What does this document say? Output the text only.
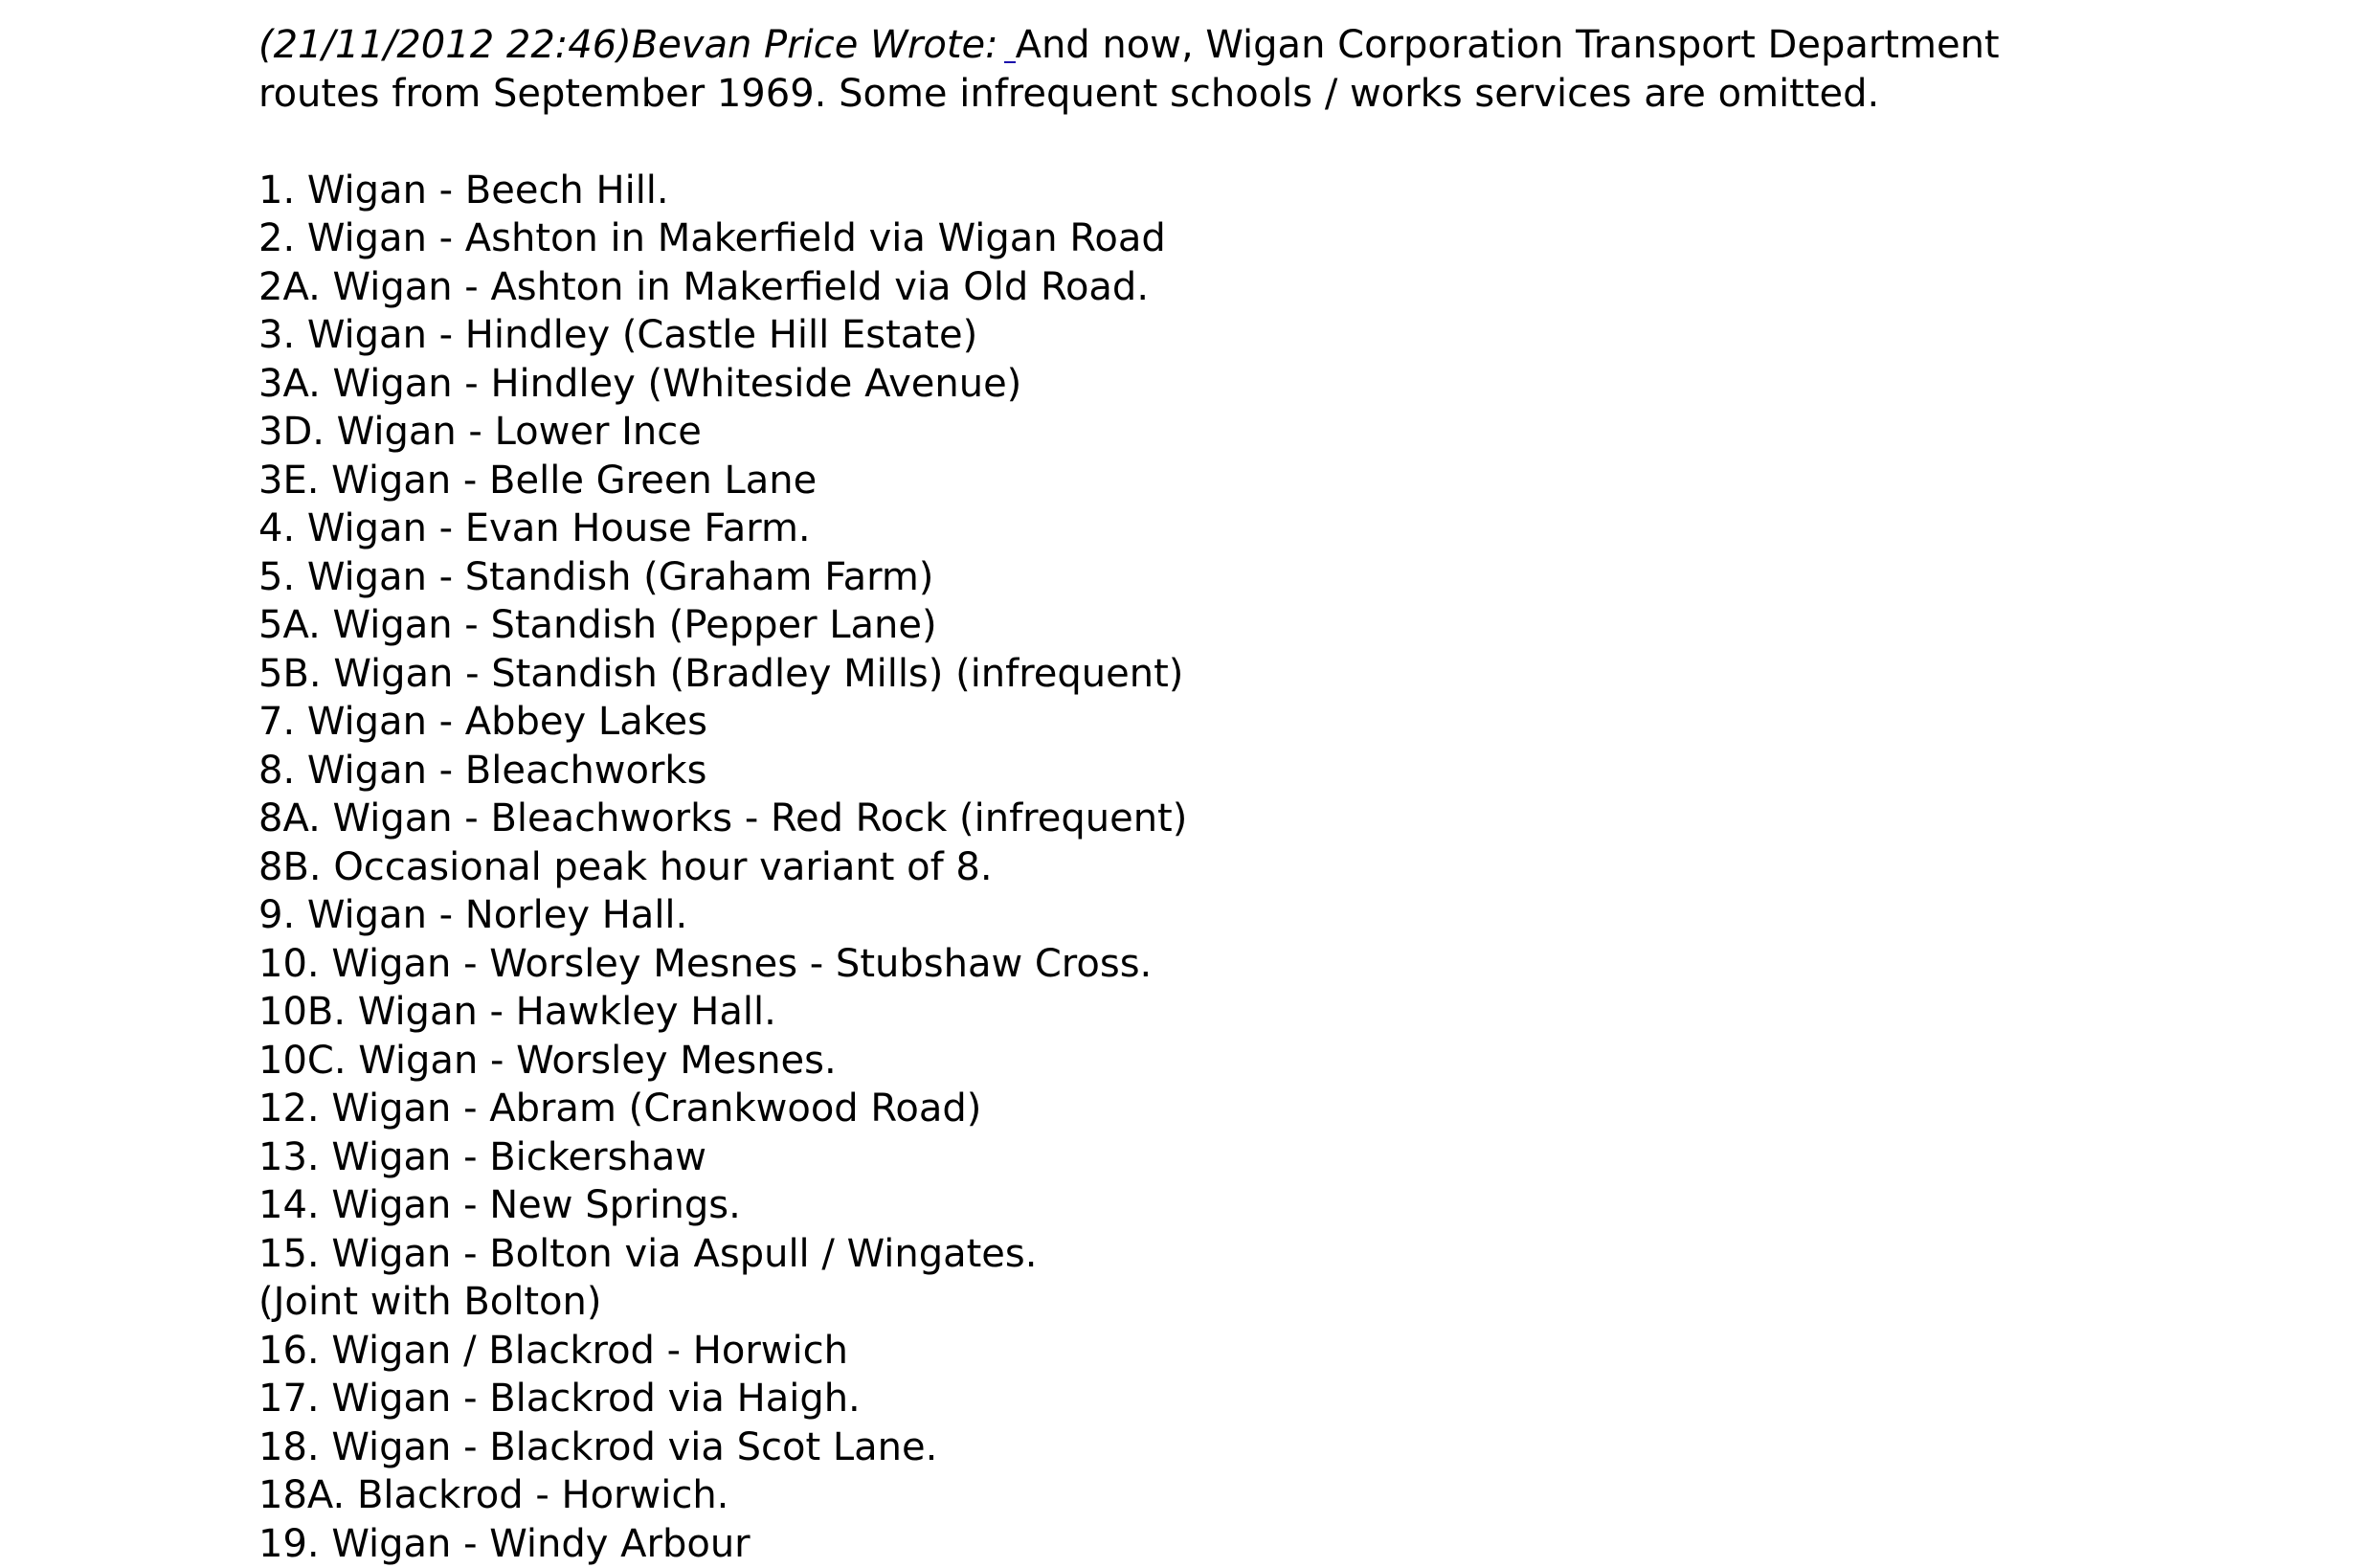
(21/11/2012 22:46)Bevan Price Wrote: And now, Wigan Corporation Transport Department
routes from September 1969. Some infrequent schools / works services are omitted.

1. Wigan - Beech Hill.
2. Wigan - Ashton in Makerfield via Wigan Road
2A. Wigan - Ashton in Makerfield via Old Road.
3. Wigan - Hindley (Castle Hill Estate)
3A. Wigan - Hindley (Whiteside Avenue)
3D. Wigan - Lower Ince
3E. Wigan - Belle Green Lane
4. Wigan - Evan House Farm.
5. Wigan - Standish (Graham Farm)
5A. Wigan - Standish (Pepper Lane)
5B. Wigan - Standish (Bradley Mills) (infrequent)
7. Wigan - Abbey Lakes
8. Wigan - Bleachworks
8A. Wigan - Bleachworks - Red Rock (infrequent)
8B. Occasional peak hour variant of 8.
9. Wigan - Norley Hall.
10. Wigan - Worsley Mesnes - Stubshaw Cross.
10B. Wigan - Hawkley Hall.
10C. Wigan - Worsley Mesnes.
12. Wigan - Abram (Crankwood Road)
13. Wigan - Bickershaw
14. Wigan - New Springs.
15. Wigan - Bolton via Aspull / Wingates.
(Joint with Bolton)
16. Wigan / Blackrod - Horwich
17. Wigan - Blackrod via Haigh.
18. Wigan - Blackrod via Scot Lane.
18A. Blackrod - Horwich.
19. Wigan - Windy Arbour
